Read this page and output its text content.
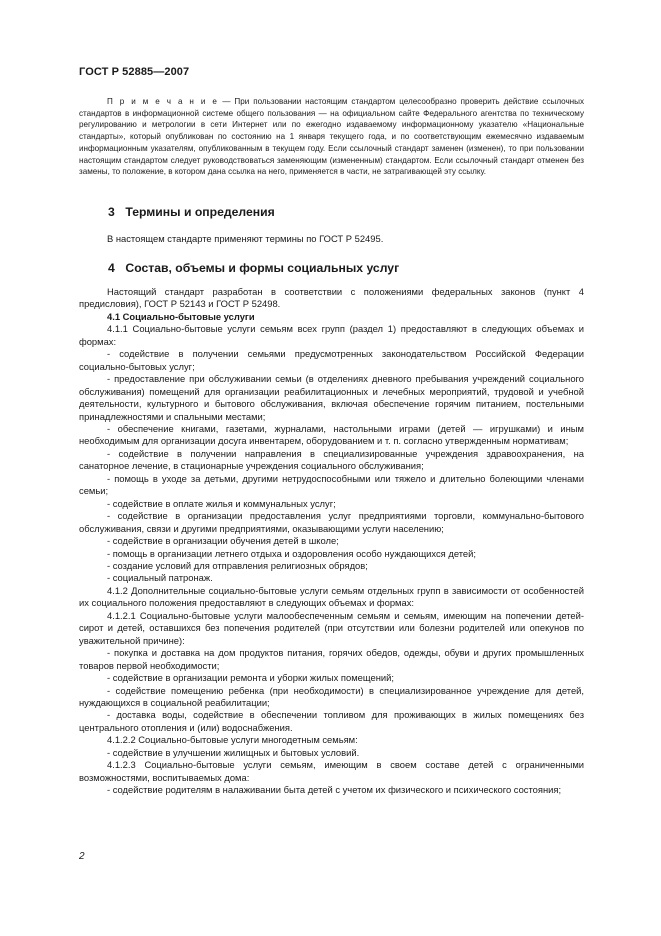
ГОСТ Р 52885—2007
П р и м е ч а н и е — При пользовании настоящим стандартом целесообразно проверить действие ссылочных стандартов в информационной системе общего пользования — на официальном сайте Федерального агентства по техническому регулированию и метрологии в сети Интернет или по ежегодно издаваемому информационному указателю «Национальные стандарты», который опубликован по состоянию на 1 января текущего года, и по соответствующим ежемесячно издаваемым информационным указателям, опубликованным в текущем году. Если ссылочный стандарт заменен (изменен), то при пользовании настоящим стандартом следует руководствоваться заменяющим (измененным) стандартом. Если ссылочный стандарт отменен без замены, то положение, в котором дана ссылка на него, применяется в части, не затрагивающей эту ссылку.
3 Термины и определения
В настоящем стандарте применяют термины по ГОСТ Р 52495.
4 Состав, объемы и формы социальных услуг

Настоящий стандарт разработан в соответствии с положениями федеральных законов (пункт 4 предисловия), ГОСТ Р 52143 и ГОСТ Р 52498.

4.1 Социально-бытовые услуги

4.1.1 Социально-бытовые услуги семьям всех групп (раздел 1) предоставляют в следующих объемах и формах:

- содействие в получении семьями предусмотренных законодательством Российской Федерации социально-бытовых услуг;

- предоставление при обслуживании семьи (в отделениях дневного пребывания учреждений социального обслуживания) помещений для организации реабилитационных и лечебных мероприятий, трудовой и учебной деятельности, культурного и бытового обслуживания, включая обеспечение горячим питанием, постельными принадлежностями и спальными местами;

- обеспечение книгами, газетами, журналами, настольными играми (детей — игрушками) и иным необходимым для организации досуга инвентарем, оборудованием и т. п. согласно утвержденным нормативам;

- содействие в получении направления в специализированные учреждения здравоохранения, на санаторное лечение, в стационарные учреждения социального обслуживания;

- помощь в уходе за детьми, другими нетрудоспособными или тяжело и длительно болеющими членами семьи;

- содействие в оплате жилья и коммунальных услуг;

- содействие в организации предоставления услуг предприятиями торговли, коммунально-бытового обслуживания, связи и другими предприятиями, оказывающими услуги населению;

- содействие в организации обучения детей в школе;

- помощь в организации летнего отдыха и оздоровления особо нуждающихся детей;

- создание условий для отправления религиозных обрядов;

- социальный патронаж.

4.1.2 Дополнительные социально-бытовые услуги семьям отдельных групп в зависимости от особенностей их социального положения предоставляют в следующих объемах и формах:

4.1.2.1 Социально-бытовые услуги малообеспеченным семьям и семьям, имеющим на попечении детей-сирот и детей, оставшихся без попечения родителей (при отсутствии или болезни родителей или опекунов по уважительной причине):

- покупка и доставка на дом продуктов питания, горячих обедов, одежды, обуви и других промышленных товаров первой необходимости;

- содействие в организации ремонта и уборки жилых помещений;

- содействие помещению ребенка (при необходимости) в специализированное учреждение для детей, нуждающихся в социальной реабилитации;

- доставка воды, содействие в обеспечении топливом для проживающих в жилых помещениях без центрального отопления и (или) водоснабжения.

4.1.2.2 Социально-бытовые услуги многодетным семьям:

- содействие в улучшении жилищных и бытовых условий.

4.1.2.3 Социально-бытовые услуги семьям, имеющим в своем составе детей с ограниченными возможностями, воспитываемых дома:

- содействие родителям в налаживании быта детей с учетом их физического и психического состояния;

2
